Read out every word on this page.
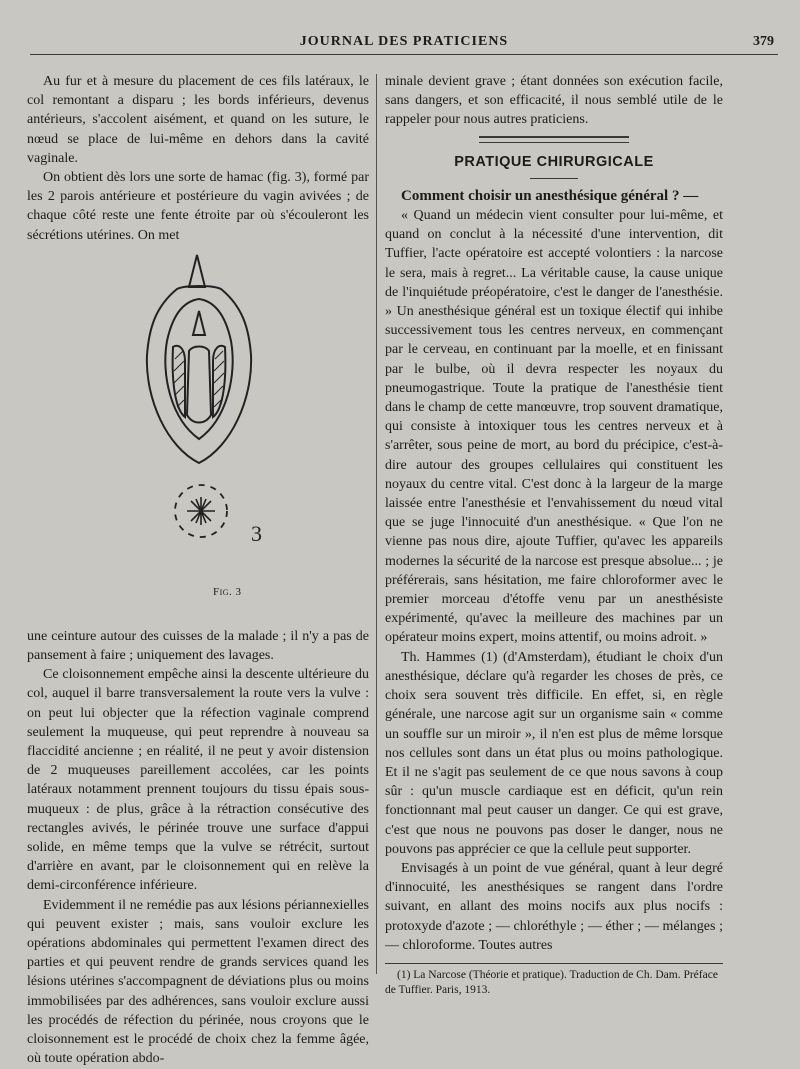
JOURNAL DES PRATICIENS	379

Au fur et à mesure du placement de ces fils latéraux, le col remontant a disparu ; les bords inférieurs, devenus antérieurs, s'accolent aisément, et quand on les suture, le nœud se place de lui-même en dehors dans la cavité vaginale.

On obtient dès lors une sorte de hamac (fig. 3), formé par les 2 parois antérieure et postérieure du vagin avivées ; de chaque côté reste une fente étroite par où s'écouleront les sécrétions utérines. On met

3
Fig. 3

une ceinture autour des cuisses de la malade ; il n'y a pas de pansement à faire ; uniquement des lavages.

Ce cloisonnement empêche ainsi la descente ultérieure du col, auquel il barre transversalement la route vers la vulve : on peut lui objecter que la réfection vaginale comprend seulement la muqueuse, qui peut reprendre à nouveau sa flaccidité ancienne ; en réalité, il ne peut y avoir distension de 2 muqueuses pareillement accolées, car les points latéraux notamment prennent toujours du tissu épais sous-muqueux : de plus, grâce à la rétraction consécutive des rectangles avivés, le périnée trouve une surface d'appui solide, en même temps que la vulve se rétrécit, surtout d'arrière en avant, par le cloisonnement qui en relève la demi-circonférence inférieure.

Evidemment il ne remédie pas aux lésions périannexielles qui peuvent exister ; mais, sans vouloir exclure les opérations abdominales qui permettent l'examen direct des parties et qui peuvent rendre de grands services quand les lésions utérines s'accompagnent de déviations plus ou moins immobilisées par des adhérences, sans vouloir exclure aussi les procédés de réfection du périnée, nous croyons que le cloisonnement est le procédé de choix chez la femme âgée, où toute opération abdo-

minale devient grave ; étant données son exécution facile, sans dangers, et son efficacité, il nous semblé utile de le rappeler pour nous autres praticiens.

PRATIQUE CHIRURGICALE

Comment choisir un anesthésique général ? —

« Quand un médecin vient consulter pour lui-même, et quand on conclut à la nécessité d'une intervention, dit Tuffier, l'acte opératoire est accepté volontiers : la narcose le sera, mais à regret... La véritable cause, la cause unique de l'inquiétude préopératoire, c'est le danger de l'anesthésie. » Un anesthésique général est un toxique électif qui inhibe successivement tous les centres nerveux, en commençant par le cerveau, en continuant par la moelle, et en finissant par le bulbe, où il devra respecter les noyaux du pneumogastrique. Toute la pratique de l'anesthésie tient dans le champ de cette manœuvre, trop souvent dramatique, qui consiste à intoxiquer tous les centres nerveux et à s'arrêter, sous peine de mort, au bord du précipice, c'est-à-dire autour des groupes cellulaires qui constituent les noyaux du centre vital. C'est donc à la largeur de la marge laissée entre l'anesthésie et l'envahissement du nœud vital que se juge l'innocuité d'un anesthésique. « Que l'on ne vienne pas nous dire, ajoute Tuffier, qu'avec les appareils modernes la sécurité de la narcose est presque absolue... ; je préférerais, sans hésitation, me faire chloroformer avec le premier morceau d'étoffe venu par un anesthésiste expérimenté, qu'avec la meilleure des machines par un opérateur moins expert, moins attentif, ou moins adroit. »

Th. Hammes (1) (d'Amsterdam), étudiant le choix d'un anesthésique, déclare qu'à regarder les choses de près, ce choix sera souvent très difficile. En effet, si, en règle générale, une narcose agit sur un organisme sain « comme un souffle sur un miroir », il n'en est plus de même lorsque nos cellules sont dans un état plus ou moins pathologique. Et il ne s'agit pas seulement de ce que nous savons à coup sûr : qu'un muscle cardiaque est en déficit, qu'un rein fonctionnant mal peut causer un danger. Ce qui est grave, c'est que nous ne pouvons pas doser le danger, nous ne pouvons pas apprécier ce que la cellule peut supporter.

Envisagés à un point de vue général, quant à leur degré d'innocuité, les anesthésiques se rangent dans l'ordre suivant, en allant des moins nocifs aux plus nocifs : protoxyde d'azote ; — chloréthyle ; — éther ; — mélanges ; — chloroforme. Toutes autres

(1) La Narcose (Théorie et pratique). Traduction de Ch. Dam. Préface de Tuffier. Paris, 1913.
